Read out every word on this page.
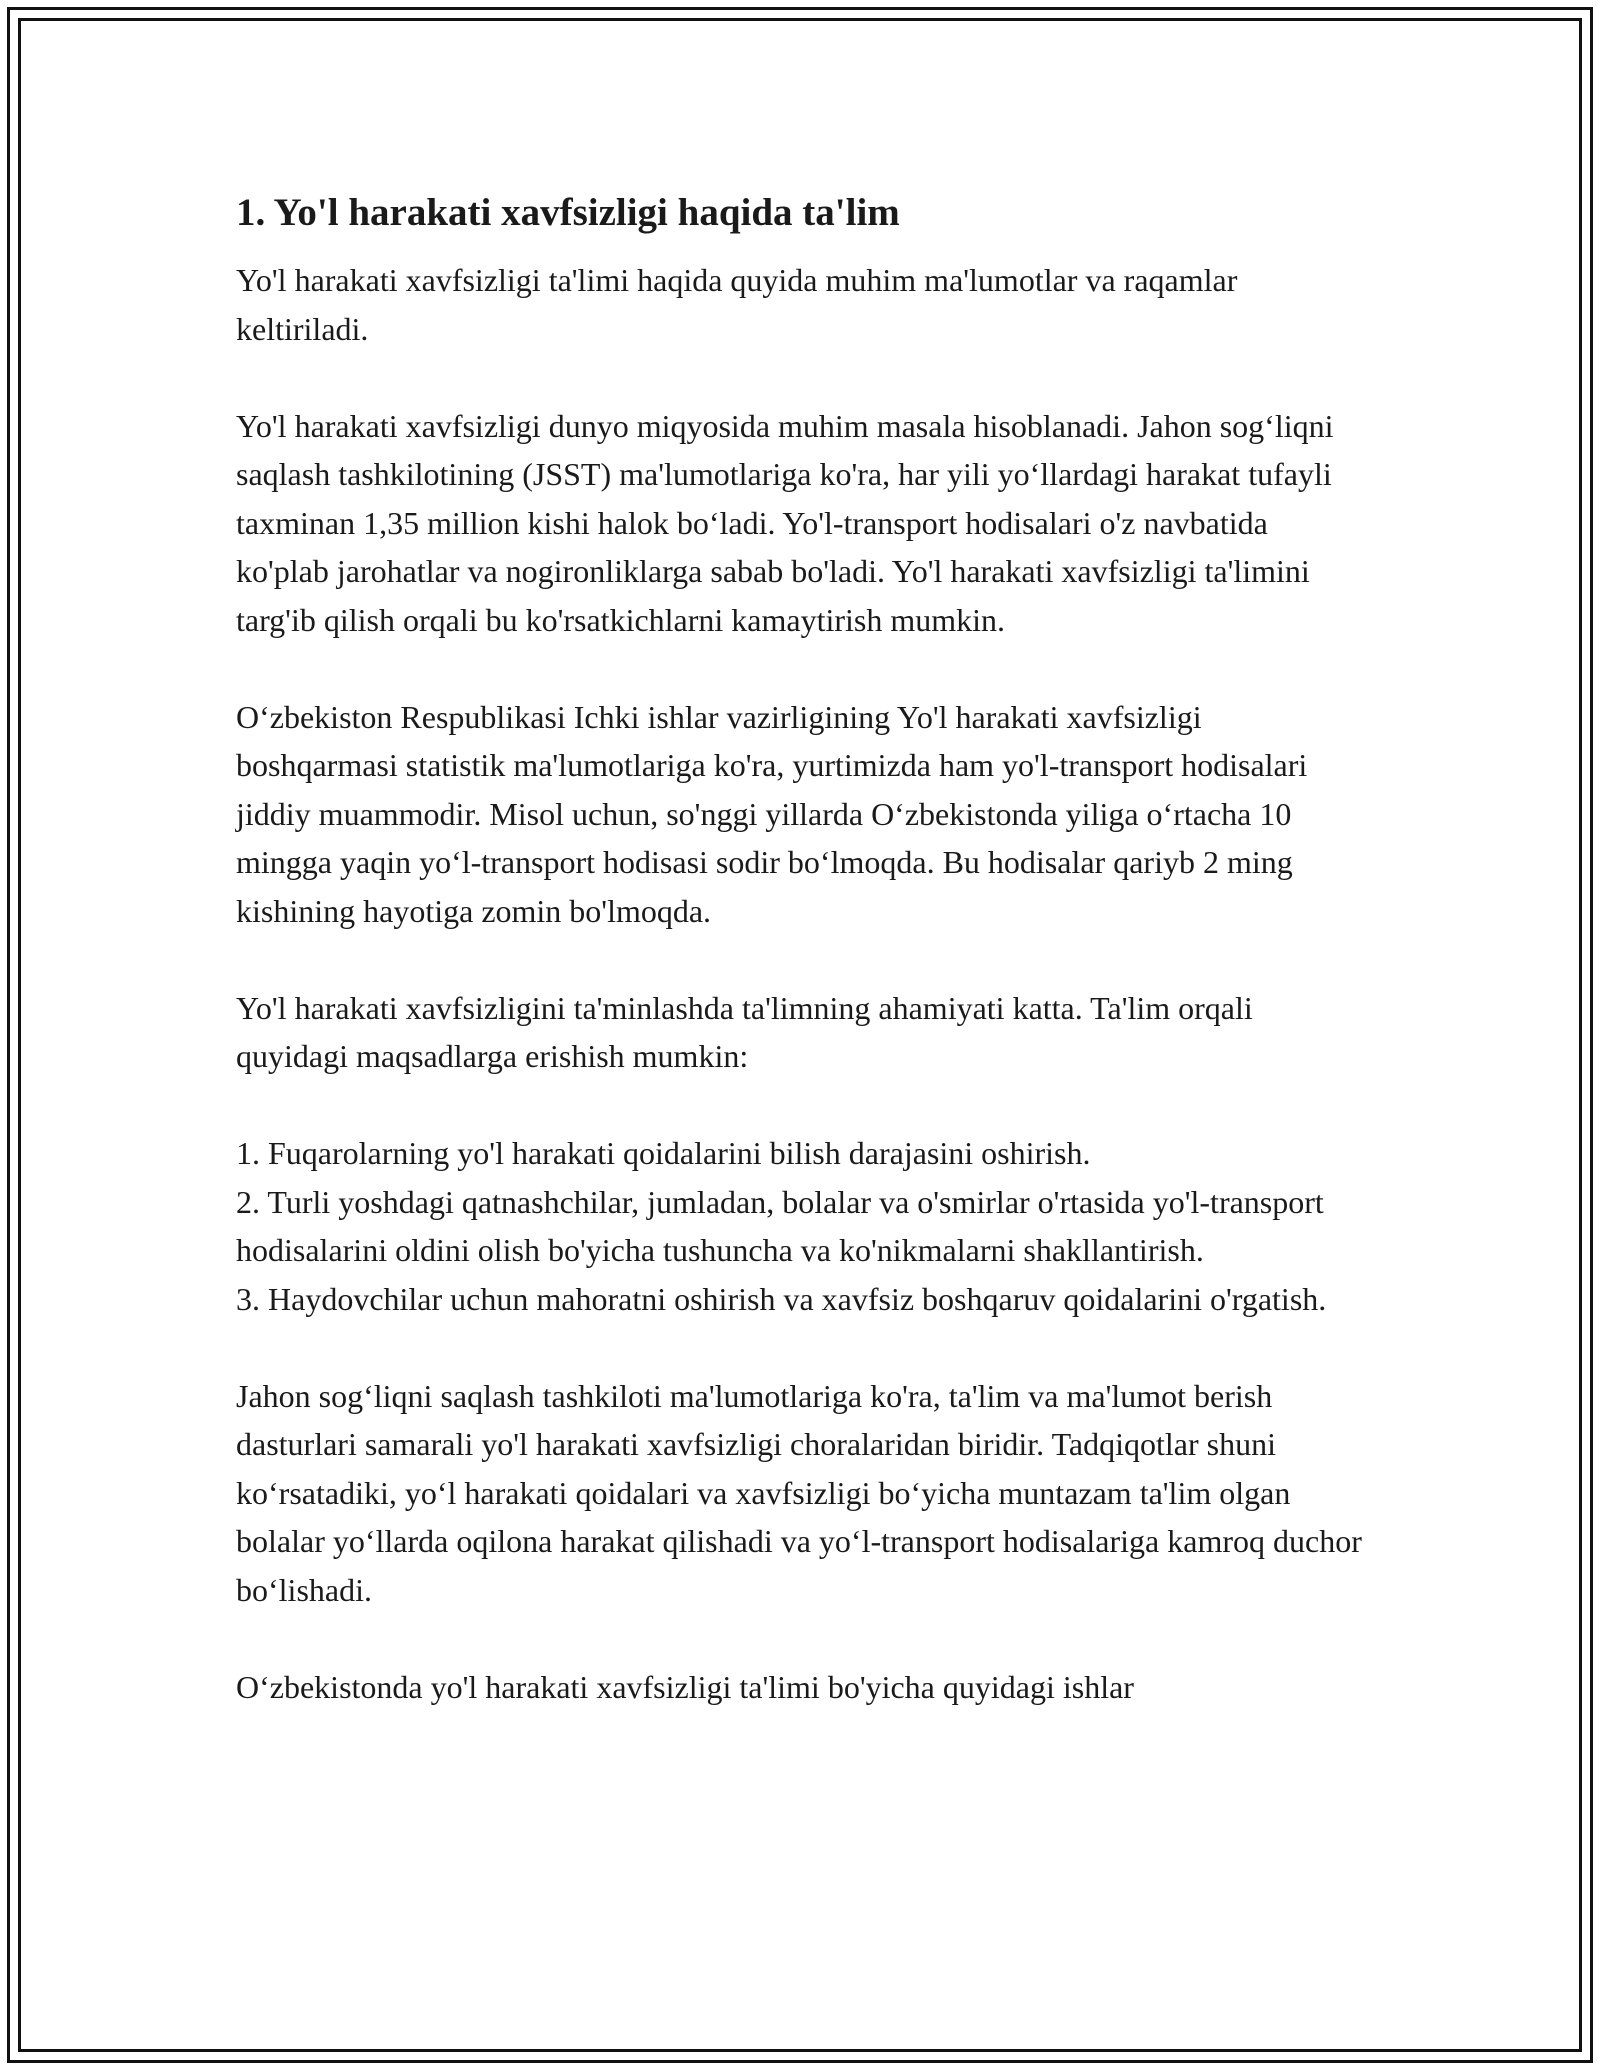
1. Yo'l harakati xavfsizligi haqida ta'lim

Yo'l harakati xavfsizligi ta'limi haqida quyida muhim ma'lumotlar va raqamlar keltiriladi.

Yo'l harakati xavfsizligi dunyo miqyosida muhim masala hisoblanadi. Jahon sog‘liqni saqlash tashkilotining (JSST) ma'lumotlariga ko'ra, har yili yo‘llardagi harakat tufayli taxminan 1,35 million kishi halok bo‘ladi. Yo'l-transport hodisalari o'z navbatida ko'plab jarohatlar va nogironliklarga sabab bo'ladi. Yo'l harakati xavfsizligi ta'limini targ'ib qilish orqali bu ko'rsatkichlarni kamaytirish mumkin.

O‘zbekiston Respublikasi Ichki ishlar vazirligining Yo'l harakati xavfsizligi boshqarmasi statistik ma'lumotlariga ko'ra, yurtimizda ham yo'l-transport hodisalari jiddiy muammodir. Misol uchun, so'nggi yillarda O‘zbekistonda yiliga o‘rtacha 10 mingga yaqin yo‘l-transport hodisasi sodir bo‘lmoqda. Bu hodisalar qariyb 2 ming kishining hayotiga zomin bo'lmoqda.

Yo'l harakati xavfsizligini ta'minlashda ta'limning ahamiyati katta. Ta'lim orqali quyidagi maqsadlarga erishish mumkin:

1. Fuqarolarning yo'l harakati qoidalarini bilish darajasini oshirish.
2. Turli yoshdagi qatnashchilar, jumladan, bolalar va o'smirlar o'rtasida yo'l-transport hodisalarini oldini olish bo'yicha tushuncha va ko'nikmalarni shakllantirish.
3. Haydovchilar uchun mahoratni oshirish va xavfsiz boshqaruv qoidalarini o'rgatish.

Jahon sog‘liqni saqlash tashkiloti ma'lumotlariga ko'ra, ta'lim va ma'lumot berish dasturlari samarali yo'l harakati xavfsizligi choralaridan biridir. Tadqiqotlar shuni ko‘rsatadiki, yo‘l harakati qoidalari va xavfsizligi bo‘yicha muntazam ta'lim olgan bolalar yo‘llarda oqilona harakat qilishadi va yo‘l-transport hodisalariga kamroq duchor bo‘lishadi.

O‘zbekistonda yo'l harakati xavfsizligi ta'limi bo'yicha quyidagi ishlar
